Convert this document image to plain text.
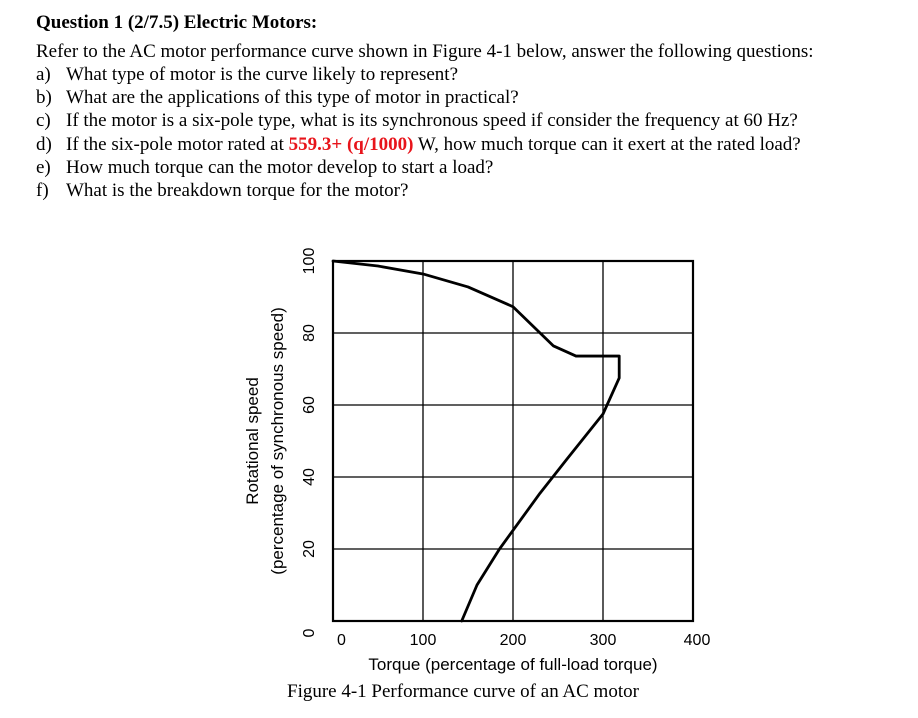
Question 1 (2/7.5) Electric Motors:
Refer to the AC motor performance curve shown in Figure 4-1 below, answer the following questions:
a) What type of motor is the curve likely to represent?
b) What are the applications of this type of motor in practical?
c) If the motor is a six-pole type, what is its synchronous speed if consider the frequency at 60 Hz?
d) If the six-pole motor rated at 559.3+ (q/1000) W, how much torque can it exert at the rated load?
e) How much torque can the motor develop to start a load?
f) What is the breakdown torque for the motor?
0	100	200	300	400
0
20
40
60
80
100
Rotational speed (percentage of synchronous speed)
Torque (percentage of full-load torque)
Figure 4-1 Performance curve of an AC motor
